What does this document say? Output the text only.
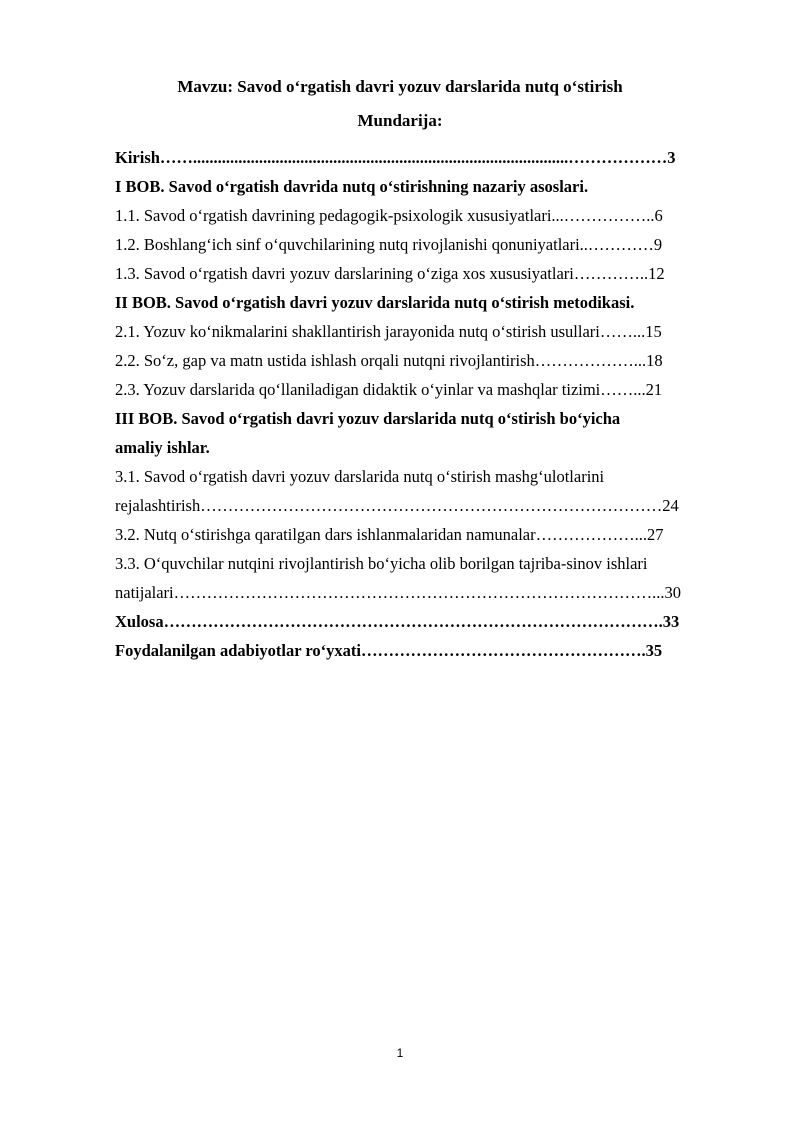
Mavzu: Savod o‘rgatish davri yozuv darslarida nutq o‘stirish
Mundarija:
Kirish……...........................................................................................………………3
I BOB. Savod o‘rgatish davrida nutq o‘stirishning nazariy asoslari.
1.1. Savod o‘rgatish davrining pedagogik-psixologik xususiyatlari...……………..6
1.2. Boshlang‘ich sinf o‘quvchilarining nutq rivojlanishi qonuniyatlari..…………9
1.3. Savod o‘rgatish davri yozuv darslarining o‘ziga xos xususiyatlari…………..12
II BOB. Savod o‘rgatish davri yozuv darslarida nutq o‘stirish metodikasi.
2.1. Yozuv ko‘nikmalarini shakllantirish jarayonida nutq o‘stirish usullari……...15
2.2. So‘z, gap va matn ustida ishlash orqali nutqni rivojlantirish………………...18
2.3. Yozuv darslarida qo‘llaniladigan didaktik o‘yinlar va mashqlar tizimi……...21
III BOB. Savod o‘rgatish davri yozuv darslarida nutq o‘stirish bo‘yicha
amaliy ishlar.
3.1. Savod o‘rgatish davri yozuv darslarida nutq o‘stirish mashg‘ulotlarini
rejalashtirish…………………………………………………………………………24
3.2. Nutq o‘stirishga qaratilgan dars ishlanmalaridan namunalar………………...27
3.3. O‘quvchilar nutqini rivojlantirish bo‘yicha olib borilgan tajriba-sinov ishlari
natijalari……………………………………………………………………………...30
Xulosa……………………………………………………………………………….33
Foydalanilgan adabiyotlar ro‘yxati…………………………………………….35
1
